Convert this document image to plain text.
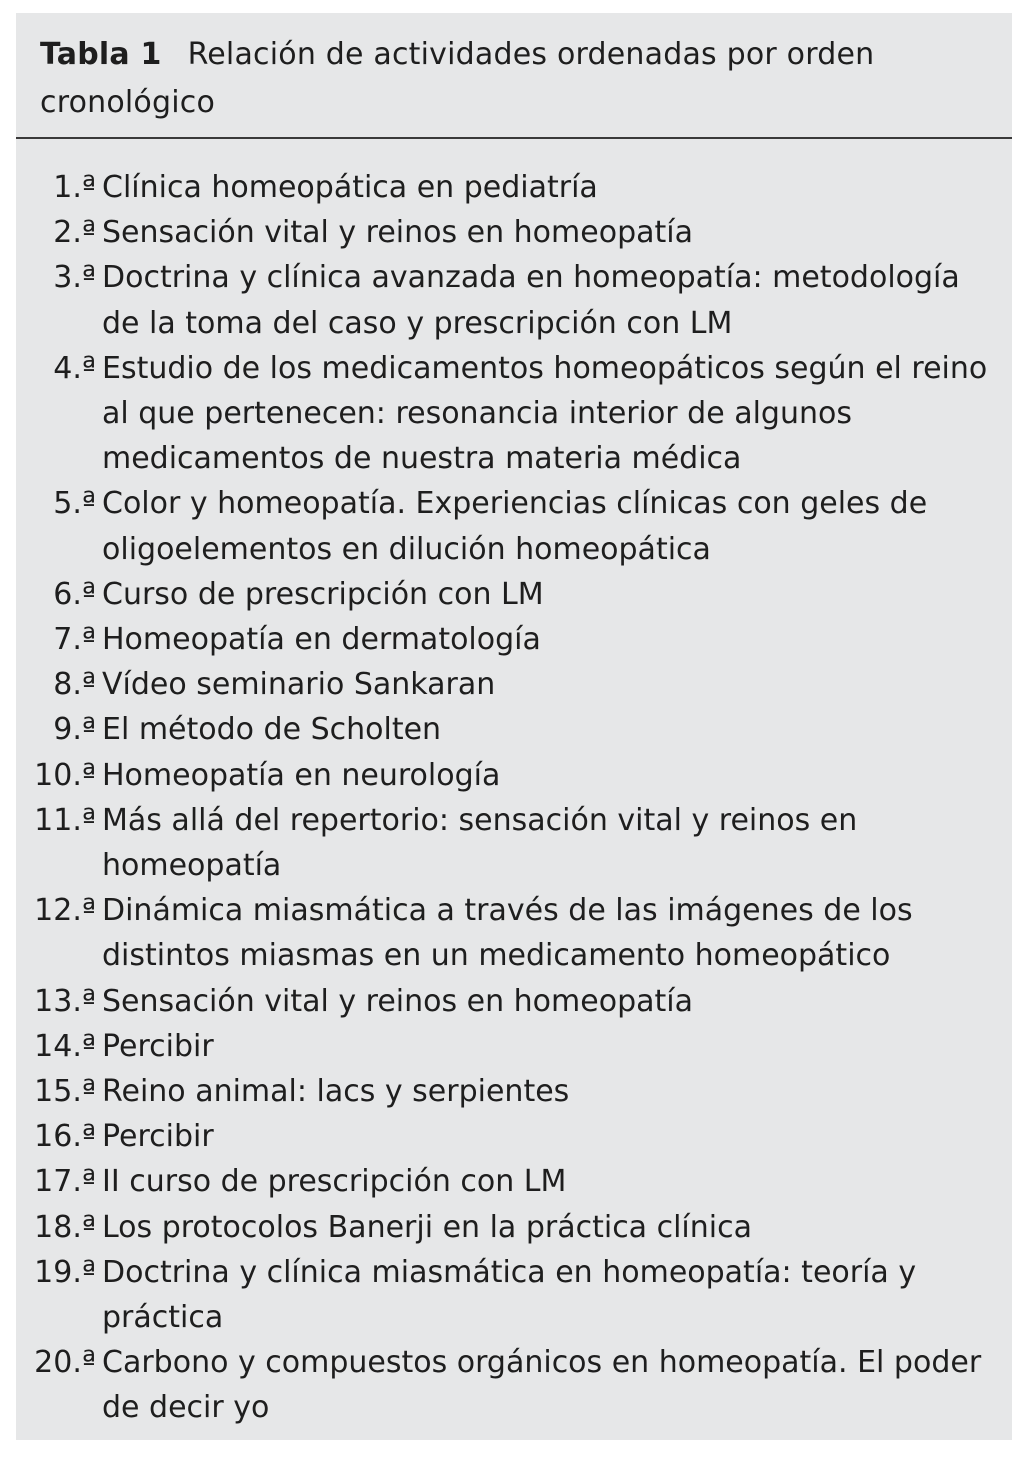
Tabla 1 Relación de actividades ordenadas por orden cronológico
1.ª Clínica homeopática en pediatría
2.ª Sensación vital y reinos en homeopatía
3.ª Doctrina y clínica avanzada en homeopatía: metodología de la toma del caso y prescripción con LM
4.ª Estudio de los medicamentos homeopáticos según el reino al que pertenecen: resonancia interior de algunos medicamentos de nuestra materia médica
5.ª Color y homeopatía. Experiencias clínicas con geles de oligoelementos en dilución homeopática
6.ª Curso de prescripción con LM
7.ª Homeopatía en dermatología
8.ª Vídeo seminario Sankaran
9.ª El método de Scholten
10.ª Homeopatía en neurología
11.ª Más allá del repertorio: sensación vital y reinos en homeopatía
12.ª Dinámica miasmática a través de las imágenes de los distintos miasmas en un medicamento homeopático
13.ª Sensación vital y reinos en homeopatía
14.ª Percibir
15.ª Reino animal: lacs y serpientes
16.ª Percibir
17.ª II curso de prescripción con LM
18.ª Los protocolos Banerji en la práctica clínica
19.ª Doctrina y clínica miasmática en homeopatía: teoría y práctica
20.ª Carbono y compuestos orgánicos en homeopatía. El poder de decir yo
